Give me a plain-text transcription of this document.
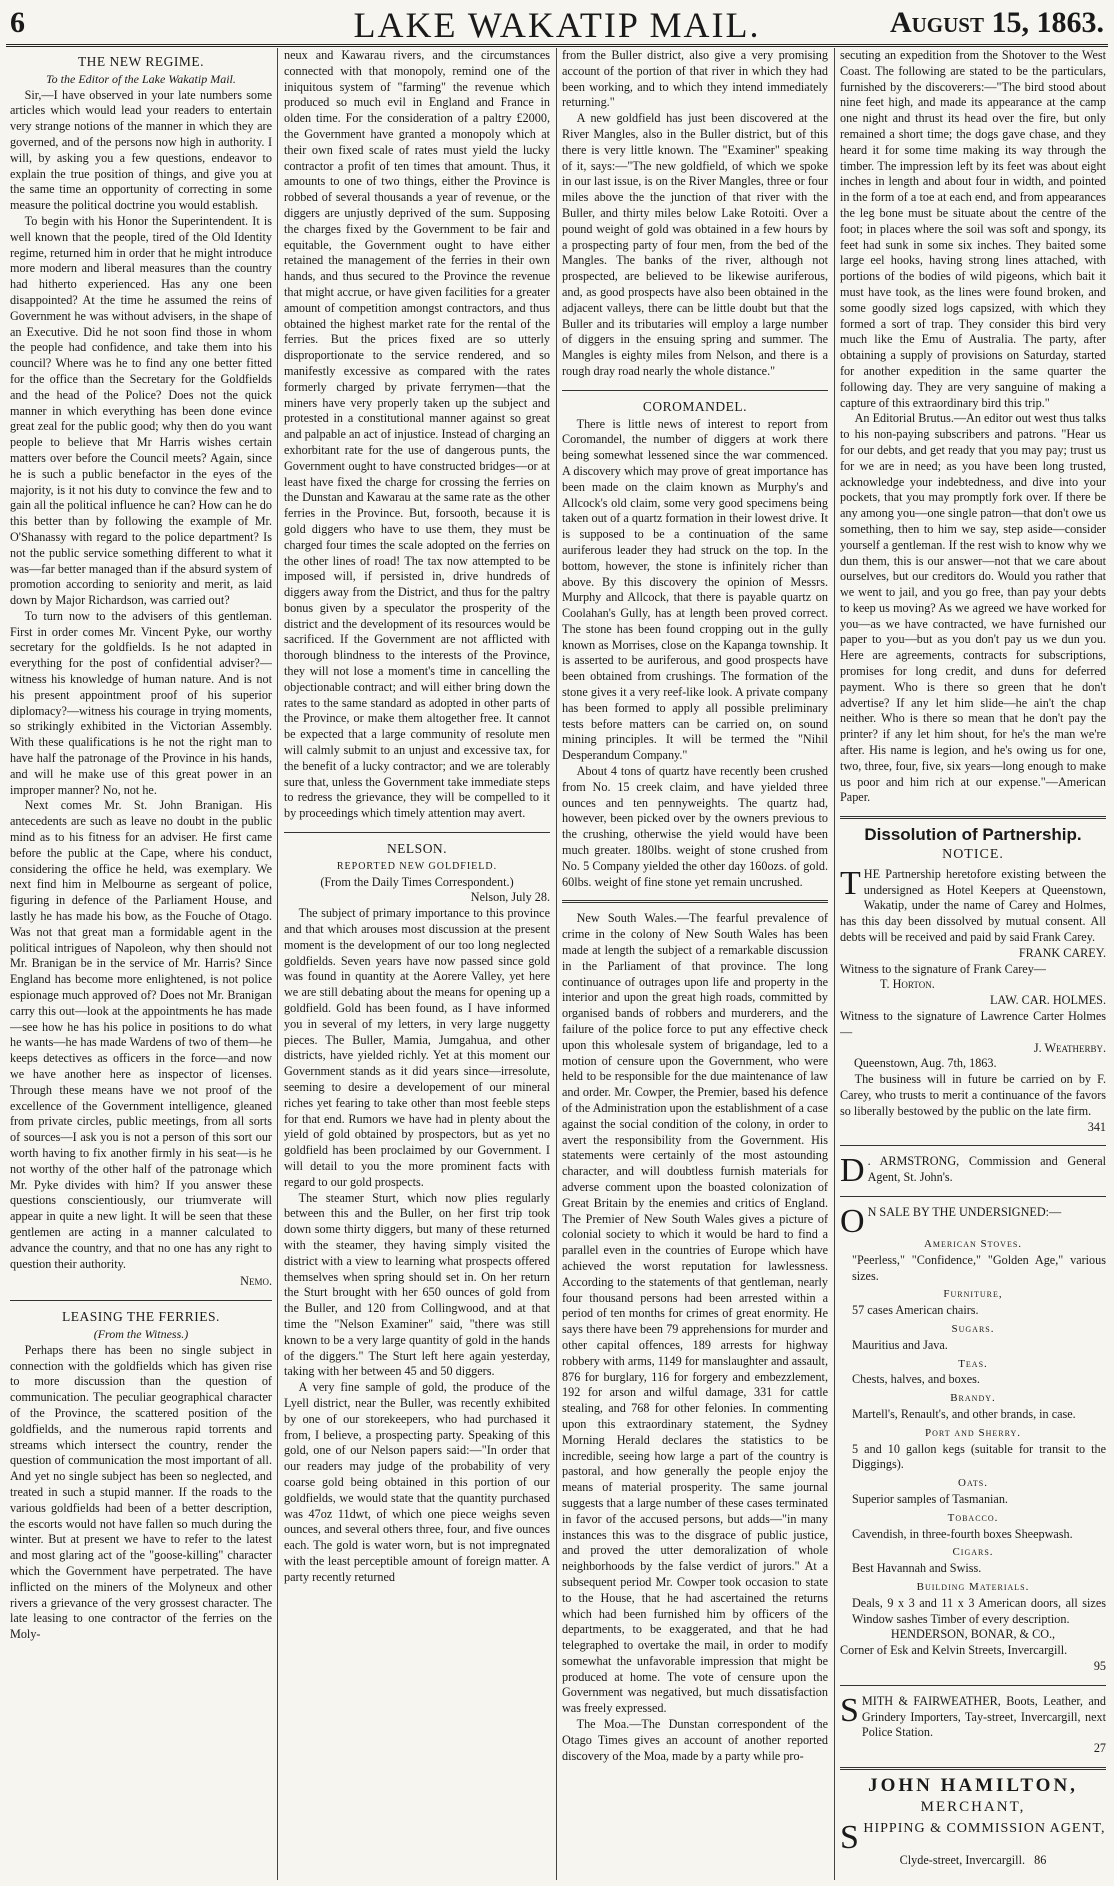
6	LAKE WAKATIP MAIL.	August 15, 1863.
THE NEW REGIME.
To the Editor of the Lake Wakatip Mail.

Sir,—I have observed in your late numbers some articles which would lead your readers to entertain very strange notions of the manner in which they are governed, and of the persons now high in authority. I will, by asking you a few questions, endeavor to explain the true position of things, and give you at the same time an opportunity of correcting in some measure the political doctrine you would establish.

To begin with his Honor the Superintendent. It is well known that the people, tired of the Old Identity regime, returned him in order that he might introduce more modern and liberal measures than the country had hitherto experienced. Has any one been disappointed? At the time he assumed the reins of Government he was without advisers, in the shape of an Executive. Did he not soon find those in whom the people had confidence, and take them into his council? Where was he to find any one better fitted for the office than the Secretary for the Goldfields and the head of the Police? Does not the quick manner in which everything has been done evince great zeal for the public good; why then do you want people to believe that Mr Harris wishes certain matters over before the Council meets? Again, since he is such a public benefactor in the eyes of the majority, is it not his duty to convince the few and to gain all the political influence he can? How can he do this better than by following the example of Mr. O'Shanassy with regard to the police department? Is not the public service something different to what it was—far better managed than if the absurd system of promotion according to seniority and merit, as laid down by Major Richardson, was carried out?

To turn now to the advisers of this gentleman. First in order comes Mr. Vincent Pyke, our worthy secretary for the goldfields. Is he not adapted in everything for the post of confidential adviser?—witness his knowledge of human nature. And is not his present appointment proof of his superior diplomacy?—witness his courage in trying moments, so strikingly exhibited in the Victorian Assembly. With these qualifications is he not the right man to have half the patronage of the Province in his hands, and will he make use of this great power in an improper manner? No, not he.

Next comes Mr. St. John Branigan. His antecedents are such as leave no doubt in the public mind as to his fitness for an adviser. He first came before the public at the Cape, where his conduct, considering the office he held, was exemplary. We next find him in Melbourne as sergeant of police, figuring in defence of the Parliament House, and lastly he has made his bow, as the Fouche of Otago. Was not that great man a formidable agent in the political intrigues of Napoleon, why then should not Mr. Branigan be in the service of Mr. Harris? Since England has become more enlightened, is not police espionage much approved of? Does not Mr. Branigan carry this out—look at the appointments he has made—see how he has his police in positions to do what he wants—he has made Wardens of two of them—he keeps detectives as officers in the force—and now we have another here as inspector of licenses. Through these means have we not proof of the excellence of the Government intelligence, gleaned from private circles, public meetings, from all sorts of sources—I ask you is not a person of this sort our worth having to fix another firmly in his seat—is he not worthy of the other half of the patronage which Mr. Pyke divides with him? If you answer these questions conscientiously, our triumverate will appear in quite a new light. It will be seen that these gentlemen are acting in a manner calculated to advance the country, and that no one has any right to question their authority.

Nemo.
LEASING THE FERRIES.
(From the Witness.)

Perhaps there has been no single subject in connection with the goldfields which has given rise to more discussion than the question of communication. The peculiar geographical character of the Province, the scattered position of the goldfields, and the numerous rapid torrents and streams which intersect the country, render the question of communication the most important of all. And yet no single subject has been so neglected, and treated in such a stupid manner. If the roads to the various goldfields had been of a better description, the escorts would not have fallen so much during the winter. But at present we have to refer to the latest and most glaring act of the "goose-killing" character which the Government have perpetrated. The have inflicted on the miners of the Molyneux and other rivers a grievance of the very grossest character. The late leasing to one contractor of the ferries on the Moly-

neux and Kawarau rivers, and the circumstances connected with that monopoly, remind one of the iniquitous system of "farming" the revenue which produced so much evil in England and France in olden time. For the consideration of a paltry £2000, the Government have granted a monopoly which at their own fixed scale of rates must yield the lucky contractor a profit of ten times that amount. Thus, it amounts to one of two things, either the Province is robbed of several thousands a year of revenue, or the diggers are unjustly deprived of the sum. Supposing the charges fixed by the Government to be fair and equitable, the Government ought to have either retained the management of the ferries in their own hands, and thus secured to the Province the revenue that might accrue, or have given facilities for a greater amount of competition amongst contractors, and thus obtained the highest market rate for the rental of the ferries. But the prices fixed are so utterly disproportionate to the service rendered, and so manifestly excessive as compared with the rates formerly charged by private ferrymen—that the miners have very properly taken up the subject and protested in a constitutional manner against so great and palpable an act of injustice. Instead of charging an exhorbitant rate for the use of dangerous punts, the Government ought to have constructed bridges—or at least have fixed the charge for crossing the ferries on the Dunstan and Kawarau at the same rate as the other ferries in the Province. But, forsooth, because it is gold diggers who have to use them, they must be charged four times the scale adopted on the ferries on the other lines of road! The tax now attempted to be imposed will, if persisted in, drive hundreds of diggers away from the District, and thus for the paltry bonus given by a speculator the prosperity of the district and the development of its resources would be sacrificed. If the Government are not afflicted with thorough blindness to the interests of the Province, they will not lose a moment's time in cancelling the objectionable contract; and will either bring down the rates to the same standard as adopted in other parts of the Province, or make them altogether free. It cannot be expected that a large community of resolute men will calmly submit to an unjust and excessive tax, for the benefit of a lucky contractor; and we are tolerably sure that, unless the Government take immediate steps to redress the grievance, they will be compelled to it by proceedings which timely attention may avert.

NELSON.
REPORTED NEW GOLDFIELD.
(From the Daily Times Correspondent.)
Nelson, July 28.

The subject of primary importance to this province and that which arouses most discussion at the present moment is the development of our too long neglected goldfields. Seven years have now passed since gold was found in quantity at the Aorere Valley, yet here we are still debating about the means for opening up a goldfield. Gold has been found, as I have informed you in several of my letters, in very large nuggetty pieces. The Buller, Mamia, Jumgahua, and other districts, have yielded richly. Yet at this moment our Government stands as it did years since—irresolute, seeming to desire a developement of our mineral riches yet fearing to take other than most feeble steps for that end. Rumors we have had in plenty about the yield of gold obtained by prospectors, but as yet no goldfield has been proclaimed by our Government. I will detail to you the more prominent facts with regard to our gold prospects.

The steamer Sturt, which now plies regularly between this and the Buller, on her first trip took down some thirty diggers, but many of these returned with the steamer, they having simply visited the district with a view to learning what prospects offered themselves when spring should set in. On her return the Sturt brought with her 650 ounces of gold from the Buller, and 120 from Collingwood, and at that time the "Nelson Examiner" said, "there was still known to be a very large quantity of gold in the hands of the diggers." The Sturt left here again yesterday, taking with her between 45 and 50 diggers.

A very fine sample of gold, the produce of the Lyell district, near the Buller, was recently exhibited by one of our storekeepers, who had purchased it from, I believe, a prospecting party. Speaking of this gold, one of our Nelson papers said:—"In order that our readers may judge of the probability of very coarse gold being obtained in this portion of our goldfields, we would state that the quantity purchased was 47oz 11dwt, of which one piece weighs seven ounces, and several others three, four, and five ounces each. The gold is water worn, but is not impregnated with the least perceptible amount of foreign matter. A party recently returned

from the Buller district, also give a very promising account of the portion of that river in which they had been working, and to which they intend immediately returning."

A new goldfield has just been discovered at the River Mangles, also in the Buller district, but of this there is very little known. The "Examiner" speaking of it, says:—"The new goldfield, of which we spoke in our last issue, is on the River Mangles, three or four miles above the the junction of that river with the Buller, and thirty miles below Lake Rotoiti. Over a pound weight of gold was obtained in a few hours by a prospecting party of four men, from the bed of the Mangles. The banks of the river, although not prospected, are believed to be likewise auriferous, and, as good prospects have also been obtained in the adjacent valleys, there can be little doubt but that the Buller and its tributaries will employ a large number of diggers in the ensuing spring and summer. The Mangles is eighty miles from Nelson, and there is a rough dray road nearly the whole distance."

COROMANDEL.

There is little news of interest to report from Coromandel, the number of diggers at work there being somewhat lessened since the war commenced. A discovery which may prove of great importance has been made on the claim known as Murphy's and Allcock's old claim, some very good specimens being taken out of a quartz formation in their lowest drive. It is supposed to be a continuation of the same auriferous leader they had struck on the top. In the bottom, however, the stone is infinitely richer than above. By this discovery the opinion of Messrs. Murphy and Allcock, that there is payable quartz on Coolahan's Gully, has at length been proved correct. The stone has been found cropping out in the gully known as Morrises, close on the Kapanga township. It is asserted to be auriferous, and good prospects have been obtained from crushings. The formation of the stone gives it a very reef-like look. A private company has been formed to apply all possible preliminary tests before matters can be carried on, on sound mining principles. It will be termed the "Nihil Desperandum Company."

About 4 tons of quartz have recently been crushed from No. 15 creek claim, and have yielded three ounces and ten pennyweights. The quartz had, however, been picked over by the owners previous to the crushing, otherwise the yield would have been much greater. 180lbs. weight of stone crushed from No. 5 Company yielded the other day 160ozs. of gold. 60lbs. weight of fine stone yet remain uncrushed.

New South Wales.—The fearful prevalence of crime in the colony of New South Wales has been made at length the subject of a remarkable discussion in the Parliament of that province. The long continuance of outrages upon life and property in the interior and upon the great high roads, committed by organised bands of robbers and murderers, and the failure of the police force to put any effective check upon this wholesale system of brigandage, led to a motion of censure upon the Government, who were held to be responsible for the due maintenance of law and order. Mr. Cowper, the Premier, based his defence of the Administration upon the establishment of a case against the social condition of the colony, in order to avert the responsibility from the Government. His statements were certainly of the most astounding character, and will doubtless furnish materials for adverse comment upon the boasted colonization of Great Britain by the enemies and critics of England. The Premier of New South Wales gives a picture of colonial society to which it would be hard to find a parallel even in the countries of Europe which have achieved the worst reputation for lawlessness. According to the statements of that gentleman, nearly four thousand persons had been arrested within a period of ten months for crimes of great enormity. He says there have been 79 apprehensions for murder and other capital offences, 189 arrests for highway robbery with arms, 1149 for manslaughter and assault, 876 for burglary, 116 for forgery and embezzlement, 192 for arson and wilful damage, 331 for cattle stealing, and 768 for other felonies. In commenting upon this extraordinary statement, the Sydney Morning Herald declares the statistics to be incredible, seeing how large a part of the country is pastoral, and how generally the people enjoy the means of material prosperity. The same journal suggests that a large number of these cases terminated in favor of the accused persons, but adds—"in many instances this was to the disgrace of public justice, and proved the utter demoralization of whole neighborhoods by the false verdict of jurors." At a subsequent period Mr. Cowper took occasion to state to the House, that he had ascertained the returns which had been furnished him by officers of the departments, to be exaggerated, and that he had telegraphed to overtake the mail, in order to modify somewhat the unfavorable impression that might be produced at home. The vote of censure upon the Government was negatived, but much dissatisfaction was freely expressed.

The Moa.—The Dunstan correspondent of the Otago Times gives an account of another reported discovery of the Moa, made by a party while pro-

secuting an expedition from the Shotover to the West Coast. The following are stated to be the particulars, furnished by the discoverers:—"The bird stood about nine feet high, and made its appearance at the camp one night and thrust its head over the fire, but only remained a short time; the dogs gave chase, and they heard it for some time making its way through the timber. The impression left by its feet was about eight inches in length and about four in width, and pointed in the form of a toe at each end, and from appearances the leg bone must be situate about the centre of the foot; in places where the soil was soft and spongy, its feet had sunk in some six inches. They baited some large eel hooks, having strong lines attached, with portions of the bodies of wild pigeons, which bait it must have took, as the lines were found broken, and some goodly sized logs capsized, with which they formed a sort of trap. They consider this bird very much like the Emu of Australia. The party, after obtaining a supply of provisions on Saturday, started for another expedition in the same quarter the following day. They are very sanguine of making a capture of this extraordinary bird this trip."

An Editorial Brutus.—An editor out west thus talks to his non-paying subscribers and patrons. "Hear us for our debts, and get ready that you may pay; trust us for we are in need; as you have been long trusted, acknowledge your indebtedness, and dive into your pockets, that you may promptly fork over. If there be any among you—one single patron—that don't owe us something, then to him we say, step aside—consider yourself a gentleman. If the rest wish to know why we dun them, this is our answer—not that we care about ourselves, but our creditors do. Would you rather that we went to jail, and you go free, than pay your debts to keep us moving? As we agreed we have worked for you—as we have contracted, we have furnished our paper to you—but as you don't pay us we dun you. Here are agreements, contracts for subscriptions, promises for long credit, and duns for deferred payment. Who is there so green that he don't advertise? If any let him slide—he ain't the chap neither. Who is there so mean that he don't pay the printer? if any let him shout, for he's the man we're after. His name is legion, and he's owing us for one, two, three, four, five, six years—long enough to make us poor and him rich at our expense."—American Paper.

Dissolution of Partnership.
NOTICE.

THE Partnership heretofore existing between the undersigned as Hotel Keepers at Queenstown, Wakatip, under the name of Carey and Holmes, has this day been dissolved by mutual consent. All debts will be received and paid by said Frank Carey.

FRANK CAREY.
Witness to the signature of Frank Carey—
T. Horton.
LAW. CAR. HOLMES.
Witness to the signature of Lawrence Carter Holmes—
J. Weatherby.
Queenstown, Aug. 7th, 1863.

The business will in future be carried on by F. Carey, who trusts to merit a continuance of the favors so liberally bestowed by the public on the late firm.

341

D . ARMSTRONG, Commission and General Agent, St. John's.

O N SALE BY THE UNDERSIGNED:—

American Stoves.
"Peerless," "Confidence," "Golden Age," various sizes.
Furniture,
57 cases American chairs.
Sugars.
Mauritius and Java.
Teas.
Chests, halves, and boxes.
Brandy.
Martell's, Renault's, and other brands, in case.
Port and Sherry.
5 and 10 gallon kegs (suitable for transit to the Diggings).
Oats.
Superior samples of Tasmanian.
Tobacco.
Cavendish, in three-fourth boxes Sheepwash.
Cigars.
Best Havannah and Swiss.
Building Materials.
Deals, 9 x 3 and 11 x 3 American doors, all sizes Window sashes Timber of every description.
HENDERSON, BONAR, & CO.,
Corner of Esk and Kelvin Streets, Invercargill.
95

SMITH & FAIRWEATHER, Boots, Leather, and Grindery Importers, Tay-street, Invercargill, next Police Station.

27
JOHN HAMILTON,
MERCHANT,

SHIPPING & COMMISSION AGENT,

Clyde-street, Invercargill. 86
